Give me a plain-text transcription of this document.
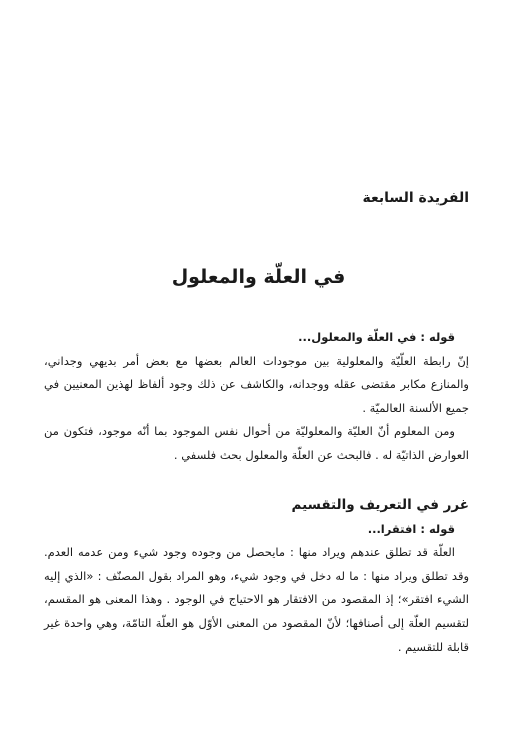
الفريدة السابعة
في العلّة والمعلول

قوله : في العلّة والمعلول...

إنّ رابطة العلّيّة والمعلولية بين موجودات العالم بعضها مع بعض أمر بديهي وجداني، والمنازع مكابر مقتضى عقله ووجدانه، والكاشف عن ذلك وجود ألفاظ لهذين المعنيين في جميع الألسنة العالميّة .

ومن المعلوم أنّ العليّة والمعلوليّة من أحوال نفس الموجود بما أنّه موجود، فتكون من العوارض الذاتيّة له . فالبحث عن العلّة والمعلول بحث فلسفي .

غرر في التعريف والتقسيم

قوله : افتقرا...

العلّة قد تطلق عندهم ويراد منها : مايحصل من وجوده وجود شيء ومن عدمه العدم. وقد تطلق ويراد منها : ما له دخل في وجود شيء، وهو المراد بقول المصنّف : «الذي إليه الشيء افتقر»؛ إذ المقصود من الافتقار هو الاحتياج في الوجود . وهذا المعنى هو المقسم، لتقسيم العلّة إلى أصنافها؛ لأنّ المقصود من المعنى الأوّل هو العلّة التامّة، وهي واحدة غير قابلة للتقسيم .
